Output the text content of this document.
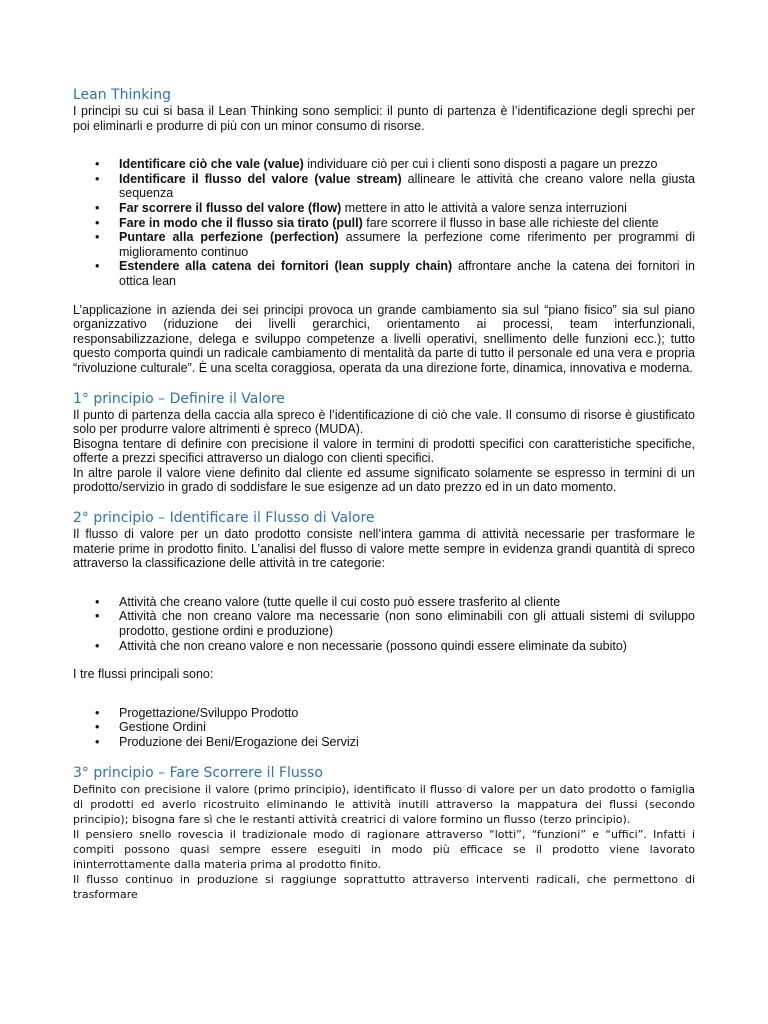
Lean Thinking

I principi su cui si basa il Lean Thinking sono semplici: il punto di partenza è l’identificazione degli sprechi per poi eliminarli e produrre di più con un minor consumo di risorse.

• Identificare ciò che vale (value) individuare ciò per cui i clienti sono disposti a pagare un prezzo
• Identificare il flusso del valore (value stream) allineare le attività che creano valore nella giusta sequenza
• Far scorrere il flusso del valore (flow) mettere in atto le attività a valore senza interruzioni
• Fare in modo che il flusso sia tirato (pull) fare scorrere il flusso in base alle richieste del cliente
• Puntare alla perfezione (perfection) assumere la perfezione come riferimento per programmi di miglioramento continuo
• Estendere alla catena dei fornitori (lean supply chain) affrontare anche la catena dei fornitori in ottica lean

L’applicazione in azienda dei sei principi provoca un grande cambiamento sia sul “piano fisico” sia sul piano organizzativo (riduzione dei livelli gerarchici, orientamento ai processi, team interfunzionali, responsabilizzazione, delega e sviluppo competenze a livelli operativi, snellimento delle funzioni ecc.); tutto questo comporta quindi un radicale cambiamento di mentalità da parte di tutto il personale ed una vera e propria “rivoluzione culturale”. È una scelta coraggiosa, operata da una direzione forte, dinamica, innovativa e moderna.

1° principio – Definire il Valore

Il punto di partenza della caccia alla spreco è l’identificazione di ciò che vale. Il consumo di risorse è giustificato solo per produrre valore altrimenti è spreco (MUDA).

Bisogna tentare di definire con precisione il valore in termini di prodotti specifici con caratteristiche specifiche, offerte a prezzi specifici attraverso un dialogo con clienti specifici.

In altre parole il valore viene definito dal cliente ed assume significato solamente se espresso in termini di un prodotto/servizio in grado di soddisfare le sue esigenze ad un dato prezzo ed in un dato momento.

2° principio – Identificare il Flusso di Valore

Il flusso di valore per un dato prodotto consiste nell’intera gamma di attività necessarie per trasformare le materie prime in prodotto finito. L’analisi del flusso di valore mette sempre in evidenza grandi quantità di spreco attraverso la classificazione delle attività in tre categorie:

• Attività che creano valore (tutte quelle il cui costo può essere trasferito al cliente
• Attività che non creano valore ma necessarie (non sono eliminabili con gli attuali sistemi di sviluppo prodotto, gestione ordini e produzione)
• Attività che non creano valore e non necessarie (possono quindi essere eliminate da subito)

I tre flussi principali sono:

• Progettazione/Sviluppo Prodotto
• Gestione Ordini
• Produzione dei Beni/Erogazione dei Servizi
3° principio – Fare Scorrere il Flusso

Definito con precisione il valore (primo principio), identificato il flusso di valore per un dato prodotto o famiglia di prodotti ed averlo ricostruito eliminando le attività inutili attraverso la mappatura dei flussi (secondo principio); bisogna fare sì che le restanti attività creatrici di valore formino un flusso (terzo principio).

Il pensiero snello rovescia il tradizionale modo di ragionare attraverso “lotti”, “funzioni” e “uffici”. Infatti i compiti possono quasi sempre essere eseguiti in modo più efficace se il prodotto viene lavorato ininterrottamente dalla materia prima al prodotto finito.

Il flusso continuo in produzione si raggiunge soprattutto attraverso interventi radicali, che permettono di trasformare
